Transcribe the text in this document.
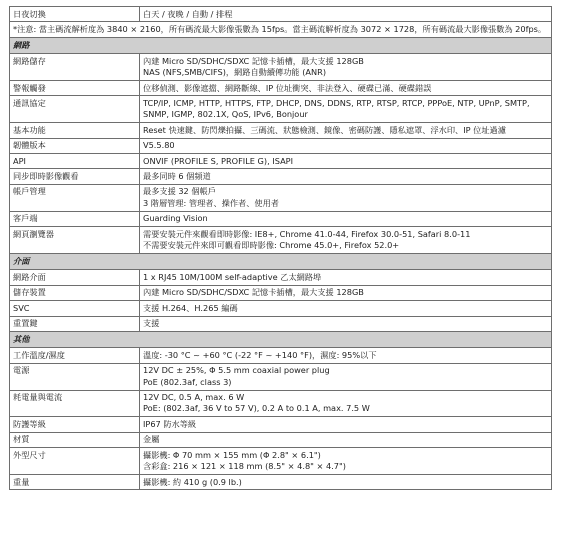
日夜切換	白天 / 夜晚 / 自動 / 排程
*注意: 當主碼流解析度為 3840 × 2160，所有碼流最大影像張數為 15fps。當主碼流解析度為 3072 × 1728，所有碼流最大影像張數為 20fps。	
網路	
網路儲存	內建 Micro SD/SDHC/SDXC 記憶卡插槽，最大支援 128GB
NAS (NFS,SMB/CIFS)，網路自動續傳功能 (ANR)

警報觸發	位移偵測、影像遮擋、網路斷線、IP 位址衝突、非法登入、硬碟已滿、硬碟錯誤
通訊協定	TCP/IP, ICMP, HTTP, HTTPS, FTP, DHCP, DNS, DDNS, RTP, RTSP, RTCP, PPPoE, NTP, UPnP, SMTP, SNMP, IGMP, 802.1X, QoS, IPv6, Bonjour
基本功能	Reset 快速鍵、防閃爍拍攝、三碼流、狀態檢測、鏡像、密碼防護、隱私遮罩、浮水印、IP 位址過濾
韌體版本	V5.5.80
API	ONVIF (PROFILE S, PROFILE G), ISAPI
同步即時影像觀看	最多同時 6 個頻道
帳戶管理	最多支援 32 個帳戶
3 階層管理: 管理者、操作者、使用者

客戶端	Guarding Vision
網頁瀏覽器	需要安裝元件來觀看即時影像: IE8+, Chrome 41.0-44, Firefox 30.0-51, Safari 8.0-11
不需要安裝元件來即可觀看即時影像: Chrome 45.0+, Firefox 52.0+

介面	
網路介面	1 x RJ45 10M/100M self-adaptive 乙太網路埠
儲存裝置	內建 Micro SD/SDHC/SDXC 記憶卡插槽，最大支援 128GB
SVC	支援 H.264、H.265 編碼
重置鍵	支援
其他	
工作溫度/濕度	溫度: -30 °C ~ +60 °C (-22 °F ~ +140 °F)，濕度: 95%以下
電源	12V DC ± 25%, Φ 5.5 mm coaxial power plug
PoE (802.3af, class 3)

耗電量與電流	12V DC, 0.5 A, max. 6 W
PoE: (802.3af, 36 V to 57 V), 0.2 A to 0.1 A, max. 7.5 W

防護等級	IP67 防水等級
材質	金屬
外型尺寸	攝影機: Φ 70 mm × 155 mm (Φ 2.8" × 6.1")
含彩盒: 216 × 121 × 118 mm (8.5" × 4.8" × 4.7")

重量	攝影機: 約 410 g (0.9 lb.)
